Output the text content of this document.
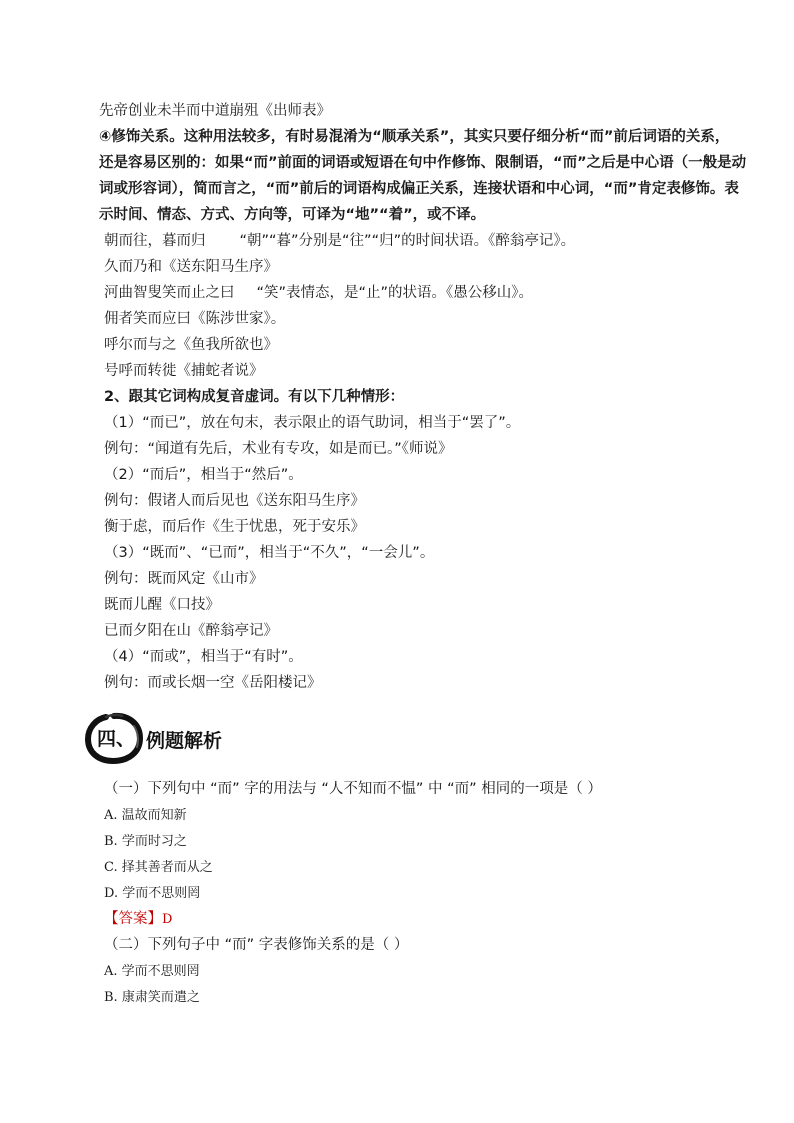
先帝创业未半而中道崩殂《出师表》
④修饰关系。这种用法较多，有时易混淆为“顺承关系”，其实只要仔细分析“而”前后词语的关系，
还是容易区别的：如果“而”前面的词语或短语在句中作修饰、限制语，“而”之后是中心语（一般是动
词或形容词），简而言之，“而”前后的词语构成偏正关系，连接状语和中心词，“而”肯定表修饰。表
示时间、情态、方式、方向等，可译为“地”“着”，或不译。
朝而往，暮而归 “朝”“暮”分别是“往”“归”的时间状语。《醉翁亭记》。
久而乃和《送东阳马生序》
河曲智叟笑而止之曰 “笑”表情态，是“止”的状语。《愚公移山》。
佣者笑而应曰《陈涉世家》。
呼尔而与之《鱼我所欲也》
号呼而转徙《捕蛇者说》
2、跟其它词构成复音虚词。有以下几种情形：
（1）“而已”，放在句末，表示限止的语气助词，相当于“罢了”。
例句：“闻道有先后，术业有专攻，如是而已。”《师说》
（2）“而后”，相当于“然后”。
例句：假诸人而后见也《送东阳马生序》
衡于虑，而后作《生于忧患，死于安乐》
（3）“既而”、“已而”，相当于“不久”，“一会儿”。
例句：既而风定《山市》
既而儿醒《口技》
已而夕阳在山《醉翁亭记》
（4）“而或”，相当于“有时”。
例句：而或长烟一空《岳阳楼记》
四、 例题解析
（一）下列句中 “而” 字的用法与 “人不知而不愠” 中 “而” 相同的一项是（ ）
A. 温故而知新
B. 学而时习之
C. 择其善者而从之
D. 学而不思则罔
【答案】D
（二）下列句子中 “而” 字表修饰关系的是（ ）
A. 学而不思则罔
B. 康肃笑而遣之
